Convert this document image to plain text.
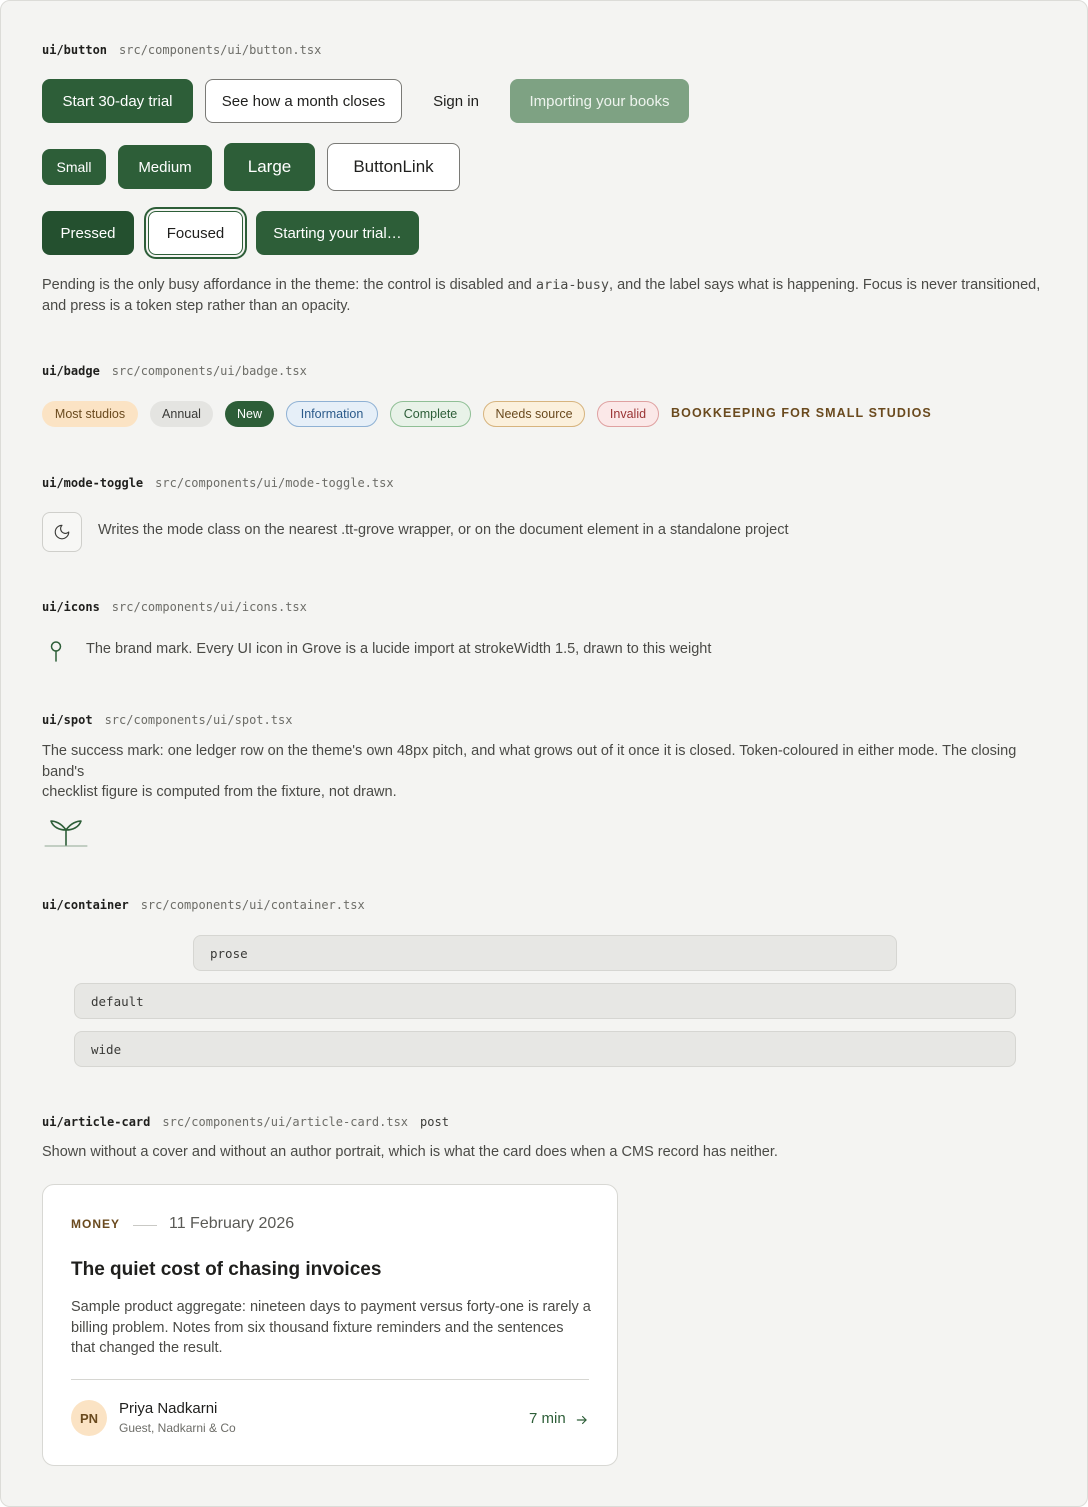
ui/button src/components/ui/button.tsx
Start 30-day trial	See how a month closes	Sign in	Importing your books
Small	Medium	Large	ButtonLink
Pressed	Focused	Starting your trial…
Pending is the only busy affordance in the theme: the control is disabled and aria-busy, and the label says what is happening. Focus is never transitioned,
and press is a token step rather than an opacity.
ui/badge src/components/ui/badge.tsx
Most studios	Annual	New	Information	Complete	Needs source	Invalid	BOOKKEEPING FOR SMALL STUDIOS
ui/mode-toggle src/components/ui/mode-toggle.tsx
Writes the mode class on the nearest .tt-grove wrapper, or on the document element in a standalone project
ui/icons src/components/ui/icons.tsx
The brand mark. Every UI icon in Grove is a lucide import at strokeWidth 1.5, drawn to this weight
ui/spot src/components/ui/spot.tsx
The success mark: one ledger row on the theme's own 48px pitch, and what grows out of it once it is closed. Token-coloured in either mode. The closing band's
checklist figure is computed from the fixture, not drawn.
ui/container src/components/ui/container.tsx
prose
default
wide
ui/article-card src/components/ui/article-card.tsx post
Shown without a cover and without an author portrait, which is what the card does when a CMS record has neither.
MONEY	11 February 2026
The quiet cost of chasing invoices
Sample product aggregate: nineteen days to payment versus forty-one is rarely a
billing problem. Notes from six thousand fixture reminders and the sentences
that changed the result.
PN
Priya Nadkarni
Guest, Nadkarni & Co
7 min
